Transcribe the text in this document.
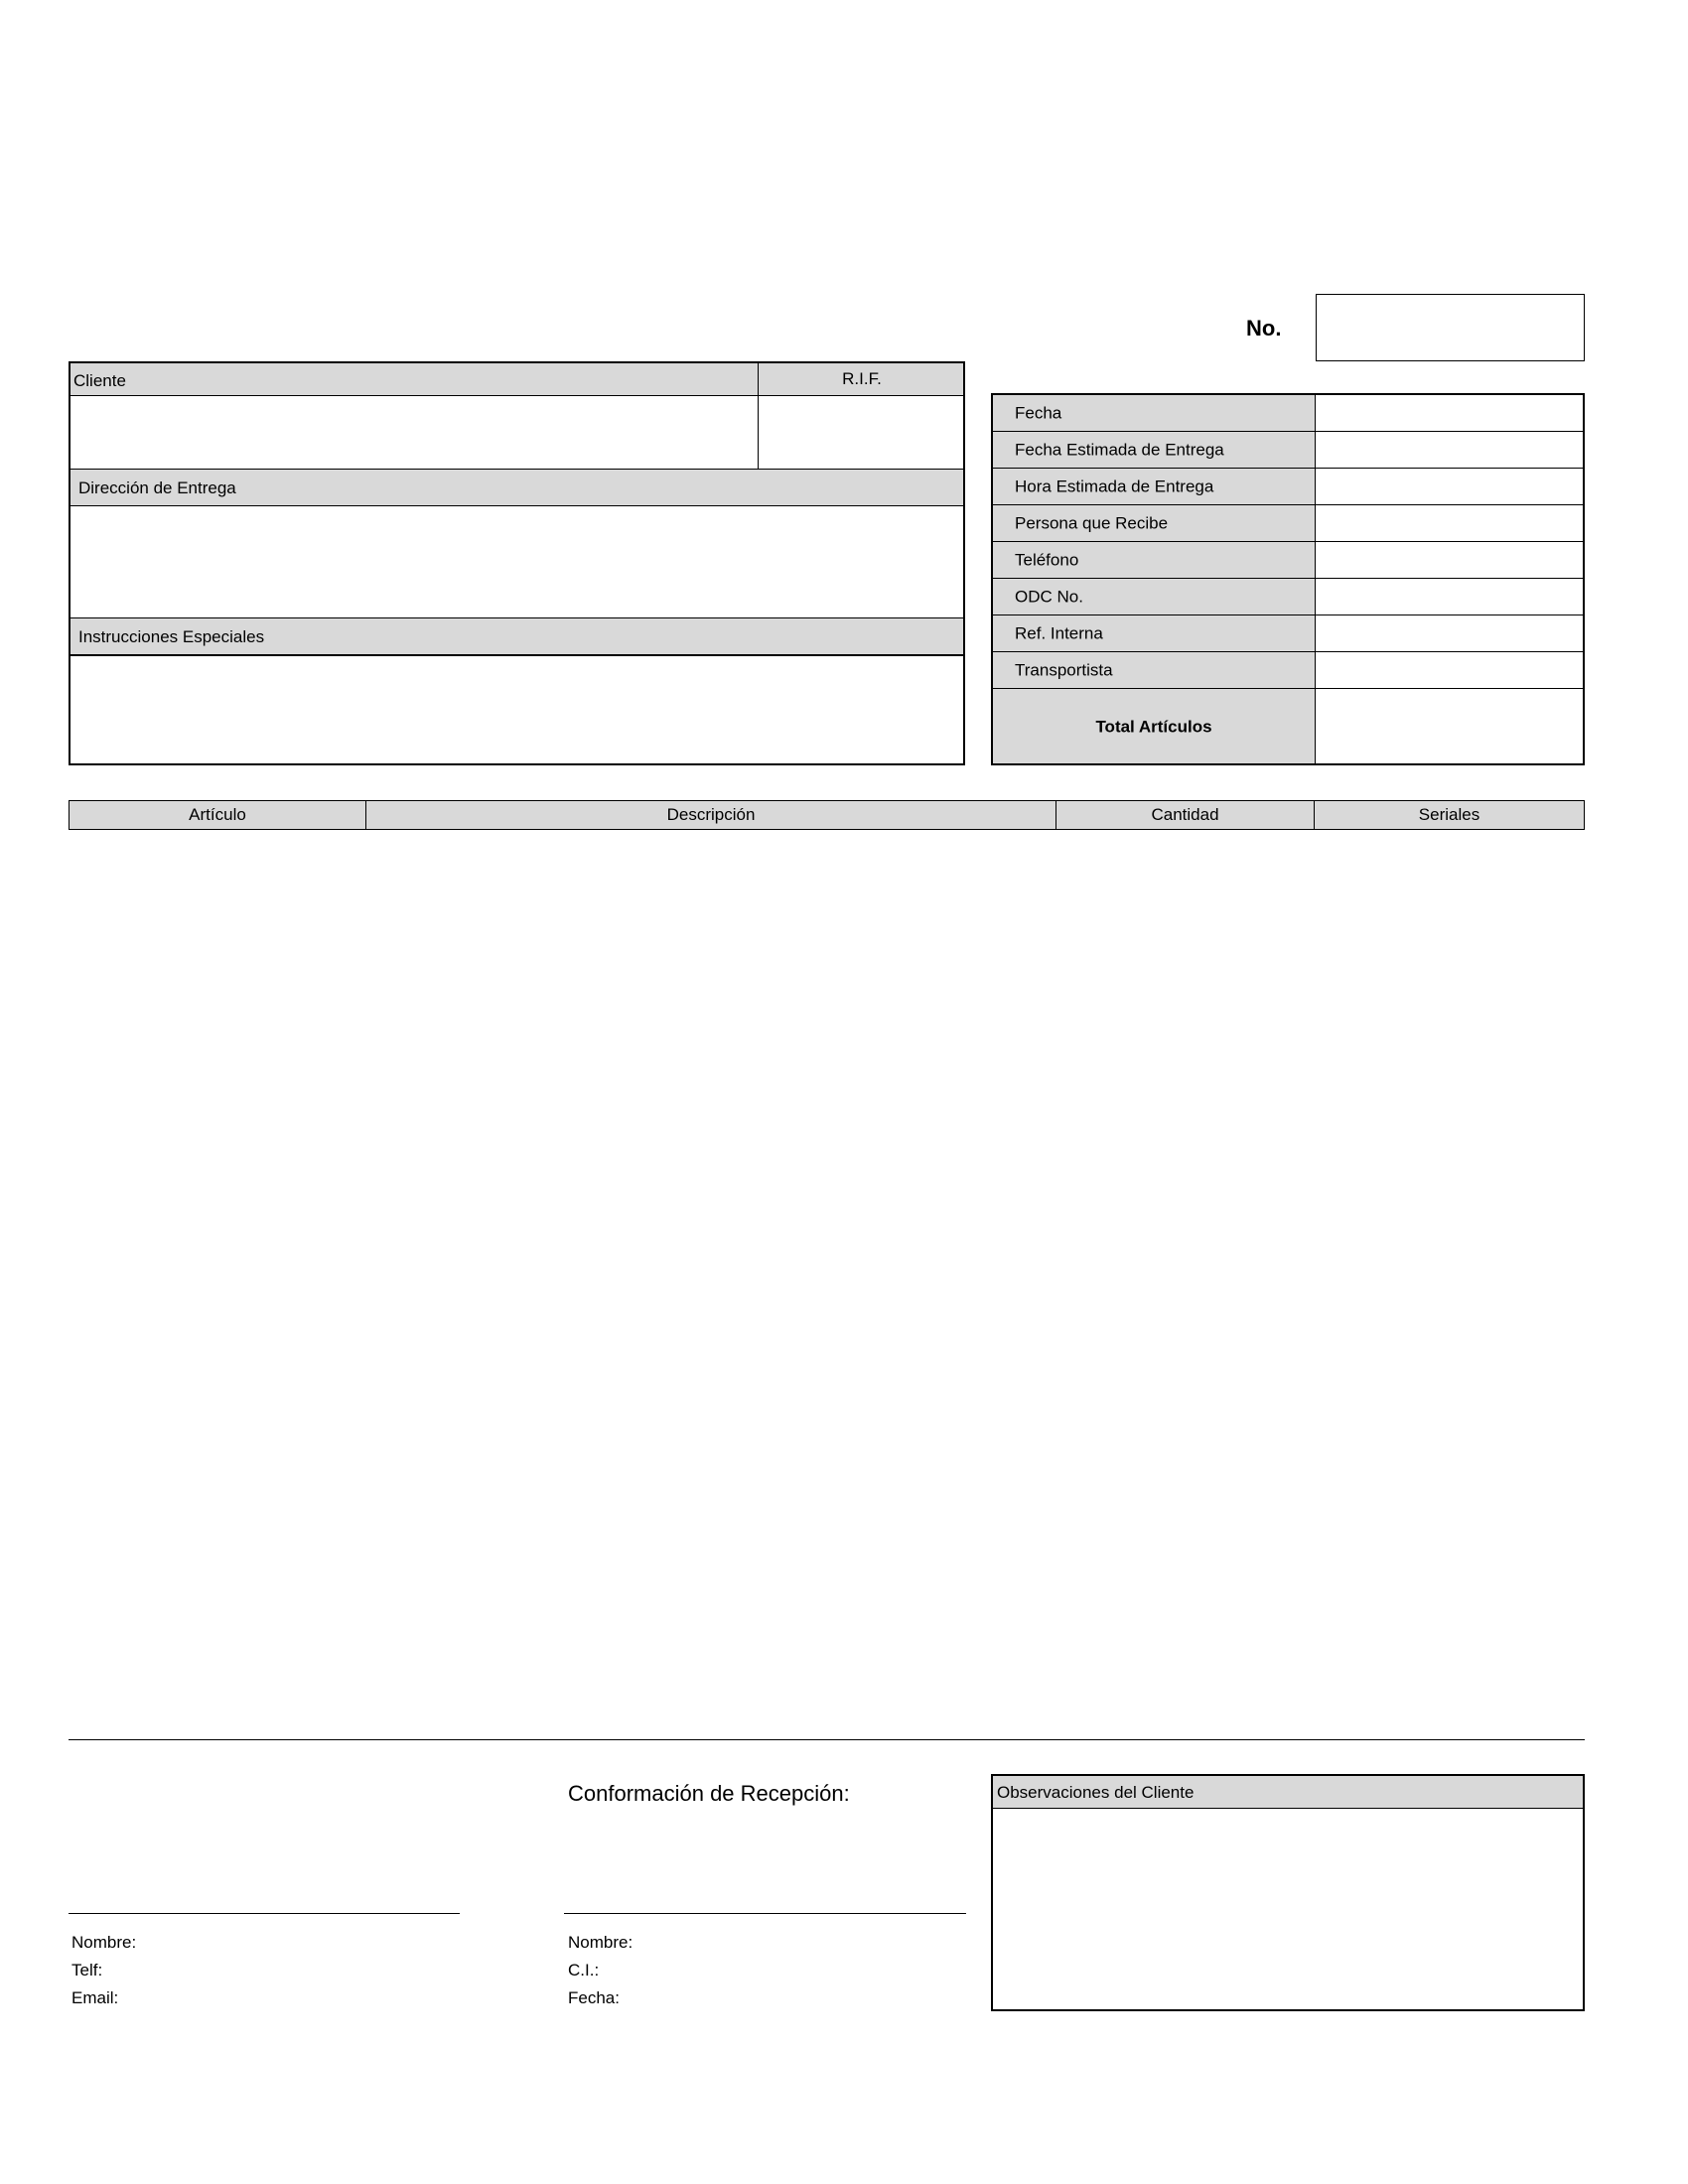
No.
Cliente	R.I.F.
Dirección de Entrega
Instrucciones Especiales
Fecha
Fecha Estimada de Entrega
Hora Estimada de Entrega
Persona que Recibe
Teléfono
ODC No.
Ref. Interna
Transportista
Total Artículos
Artículo	Descripción	Cantidad	Seriales
Conformación de Recepción:
Nombre:
Telf:
Email:
Nombre:
C.I.:
Fecha:
Observaciones del Cliente
